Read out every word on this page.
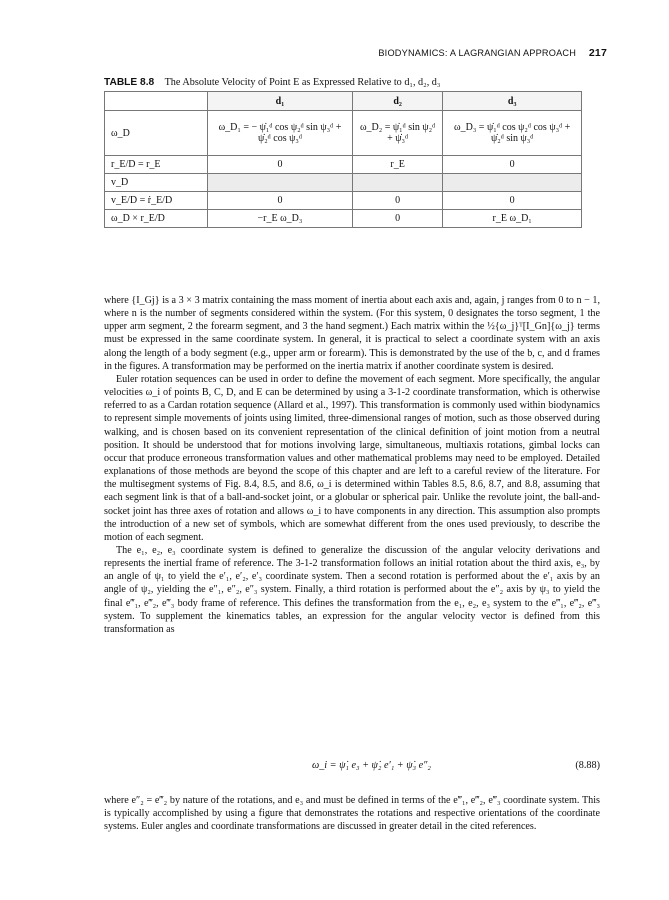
BIODYNAMICS: A LAGRANGIAN APPROACH 217
TABLE 8.8 The Absolute Velocity of Point E as Expressed Relative to d₁, d₂, d₃
	d₁	d₂	d₃
ω_D	ω_D₁ = − ψ̇₁ᵈ cos ψ₂ᵈ sin ψ₃ᵈ + ψ̇₂ᵈ cos ψ₃ᵈ	ω_D₂ = ψ̇₁ᵈ sin ψ₂ᵈ + ψ̇₃ᵈ	ω_D₃ = ψ̇₁ᵈ cos ψ₂ᵈ cos ψ₃ᵈ + ψ̇₂ᵈ sin ψ₃ᵈ
r_E/D = r_E	0	r_E	0
v_D			
v_E/D = ṙ_E/D	0	0	0
ω_D × r_E/D	−r_E ω_D₃	0	r_E ω_D₁

where {I_Gj} is a 3 × 3 matrix containing the mass moment of inertia about each axis and, again, j ranges from 0 to n − 1, where n is the number of segments considered within the system. (For this system, 0 designates the torso segment, 1 the upper arm segment, 2 the forearm segment, and 3 the hand segment.) Each matrix within the ½{ω_j}ᵀ[I_Gn]{ω_j} terms must be expressed in the same coordinate system. In general, it is practical to select a coordinate system with an axis along the length of a body segment (e.g., upper arm or forearm). This is demonstrated by the use of the b, c, and d frames in the figures. A transformation may be performed on the inertia matrix if another coordinate system is desired.

Euler rotation sequences can be used in order to define the movement of each segment. More specifically, the angular velocities ω_i of points B, C, D, and E can be determined by using a 3-1-2 coordinate transformation, which is otherwise referred to as a Cardan rotation sequence (Allard et al., 1997). This transformation is commonly used within biodynamics to represent simple movements of joints using limited, three-dimensional ranges of motion, such as those observed during walking, and is chosen based on its convenient representation of the clinical definition of joint motion from a neutral position. It should be understood that for motions involving large, simultaneous, multiaxis rotations, gimbal locks can occur that produce erroneous transformation values and other mathematical problems may need to be employed. Detailed explanations of those methods are beyond the scope of this chapter and are left to a careful review of the literature. For the multisegment systems of Fig. 8.4, 8.5, and 8.6, ω_i is determined within Tables 8.5, 8.6, 8.7, and 8.8, assuming that each segment link is that of a ball-and-socket joint, or a globular or spherical pair. Unlike the revolute joint, the ball-and-socket joint has three axes of rotation and allows ω_i to have components in any direction. This assumption also prompts the introduction of a new set of symbols, which are somewhat different from the ones used previously, to describe the motion of each segment.

The e₁, e₂, e₃ coordinate system is defined to generalize the discussion of the angular velocity derivations and represents the inertial frame of reference. The 3-1-2 transformation follows an initial rotation about the third axis, e₃, by an angle of ψ₁ to yield the e′₁, e′₂, e′₃ coordinate system. Then a second rotation is performed about the e′₁ axis by an angle of ψ₂, yielding the e″₁, e″₂, e″₃ system. Finally, a third rotation is performed about the e″₂ axis by ψ₃ to yield the final e‴₁, e‴₂, e‴₃ body frame of reference. This defines the transformation from the e₁, e₂, e₃ system to the e‴₁, e‴₂, e‴₃ system. To supplement the kinematics tables, an expression for the angular velocity vector is defined from this transformation as

ω_i = ψ̇₁ e₃ + ψ̇₂ e′₁ + ψ̇₃ e″₂	(8.88)

where e″₂ = e‴₂ by nature of the rotations, and e₃ and must be defined in terms of the e‴₁, e‴₂, e‴₃ coordinate system. This is typically accomplished by using a figure that demonstrates the rotations and respective orientations of the coordinate systems. Euler angles and coordinate transformations are discussed in greater detail in the cited references.
